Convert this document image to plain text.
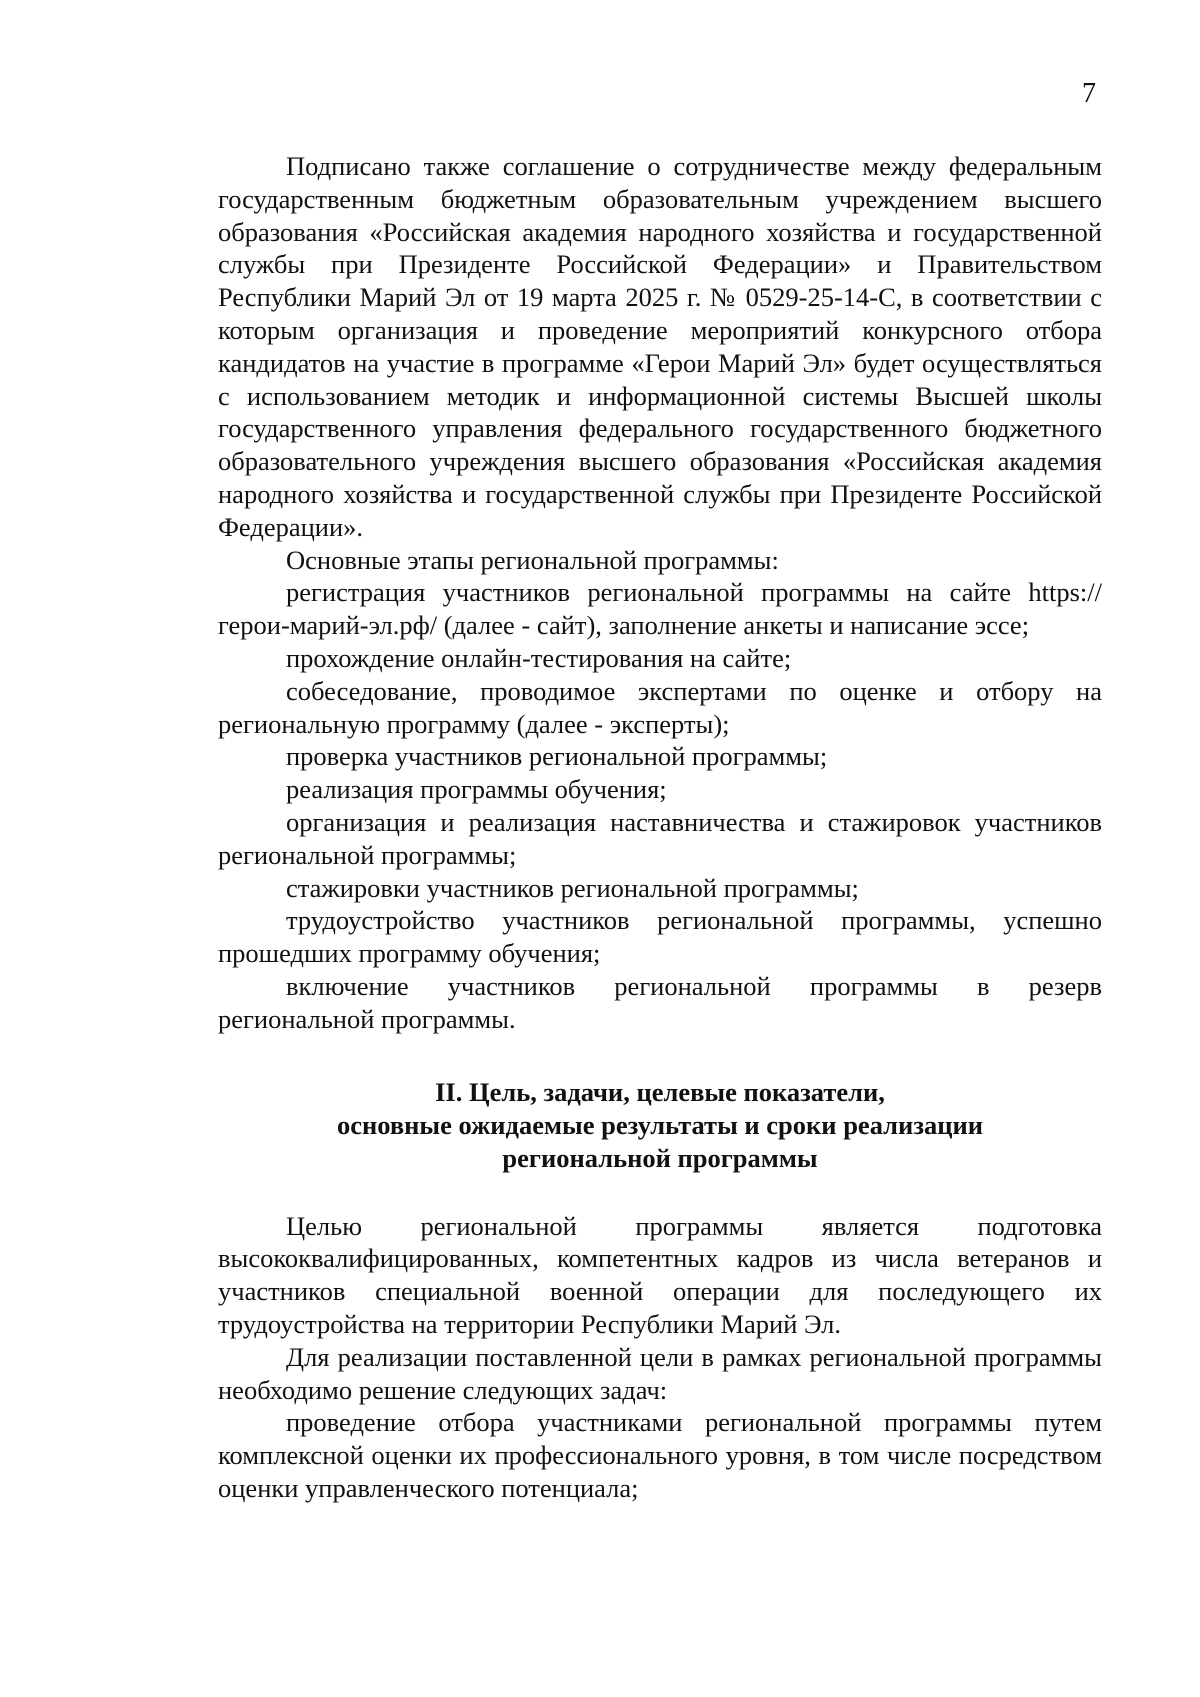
7

Подписано также соглашение о сотрудничестве между федеральным государственным бюджетным образовательным учреждением высшего образования «Российская академия народного хозяйства и государственной службы при Президенте Российской Федерации» и Правительством Республики Марий Эл от 19 марта 2025 г. № 0529-25-14-С, в соответствии с которым организация и проведение мероприятий конкурсного отбора кандидатов на участие в программе «Герои Марий Эл» будет осуществляться с использованием методик и информационной системы Высшей школы государственного управления федерального государственного бюджетного образовательного учреждения высшего образования «Российская академия народного хозяйства и государственной службы при Президенте Российской Федерации».

Основные этапы региональной программы:

регистрация участников региональной программы на сайте https://герои-марий-эл.рф/ (далее - сайт), заполнение анкеты и написание эссе;

прохождение онлайн-тестирования на сайте;

собеседование, проводимое экспертами по оценке и отбору на региональную программу (далее - эксперты);

проверка участников региональной программы;

реализация программы обучения;

организация и реализация наставничества и стажировок участников региональной программы;

стажировки участников региональной программы;

трудоустройство участников региональной программы, успешно прошедших программу обучения;

включение участников региональной программы в резерв региональной программы.

II. Цель, задачи, целевые показатели,
основные ожидаемые результаты и сроки реализации
региональной программы

Целью региональной программы является подготовка высококвалифицированных, компетентных кадров из числа ветеранов и участников специальной военной операции для последующего их трудоустройства на территории Республики Марий Эл.

Для реализации поставленной цели в рамках региональной программы необходимо решение следующих задач:

проведение отбора участниками региональной программы путем комплексной оценки их профессионального уровня, в том числе посредством оценки управленческого потенциала;
